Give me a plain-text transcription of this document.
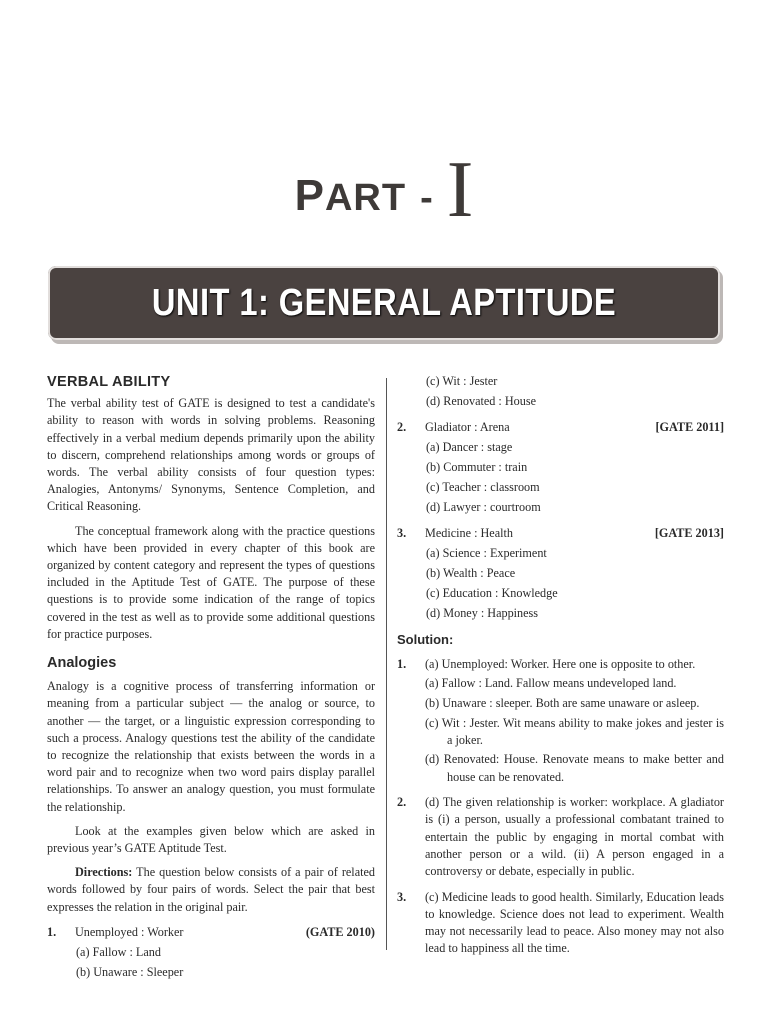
PART - I
UNIT 1: GENERAL APTITUDE
VERBAL ABILITY

The verbal ability test of GATE is designed to test a candidate's ability to reason with words in solving problems. Reasoning effectively in a verbal medium depends primarily upon the ability to discern, comprehend relationships among words or groups of words. The verbal ability consists of four question types: Analogies, Antonyms/ Synonyms, Sentence Completion, and Critical Reasoning.

The conceptual framework along with the practice questions which have been provided in every chapter of this book are organized by content category and represent the types of questions included in the Aptitude Test of GATE. The purpose of these questions is to provide some indication of the range of topics covered in the test as well as to provide some additional questions for practice purposes.

Analogies

Analogy is a cognitive process of transferring information or meaning from a particular subject — the analog or source, to another — the target, or a linguistic expression corresponding to such a process. Analogy questions test the ability of the candidate to recognize the relationship that exists between the words in a word pair and to recognize when two word pairs display parallel relationships. To answer an analogy question, you must formulate the relationship.

Look at the examples given below which are asked in previous year’s GATE Aptitude Test.

Directions: The question below consists of a pair of related words followed by four pairs of words. Select the pair that best expresses the relation in the original pair.

1.	Unemployed : Worker	(GATE 2010)
(a) Fallow : Land
(b) Unaware : Sleeper
(c) Wit : Jester
(d) Renovated : House
2.	Gladiator : Arena	[GATE 2011]
(a) Dancer : stage
(b) Commuter : train
(c) Teacher : classroom
(d) Lawyer : courtroom
3.	Medicine : Health	[GATE 2013]
(a) Science : Experiment
(b) Wealth : Peace
(c) Education : Knowledge
(d) Money : Happiness
Solution:
1.	(a) Unemployed: Worker. Here one is opposite to other.

(a) Fallow : Land. Fallow means undeveloped land.

(b) Unaware : sleeper. Both are same unaware or asleep.

(c) Wit : Jester. Wit means ability to make jokes and jester is a joker.

(d) Renovated: House. Renovate means to make better and house can be renovated.

2.	(d) The given relationship is worker: workplace. A gladiator is (i) a person, usually a professional combatant trained to entertain the public by engaging in mortal combat with another person or a wild. (ii) A person engaged in a controversy or debate, especially in public.

3.	(c) Medicine leads to good health. Similarly, Education leads to knowledge. Science does not lead to experiment. Wealth may not necessarily lead to peace. Also money may not also lead to happiness all the time.
